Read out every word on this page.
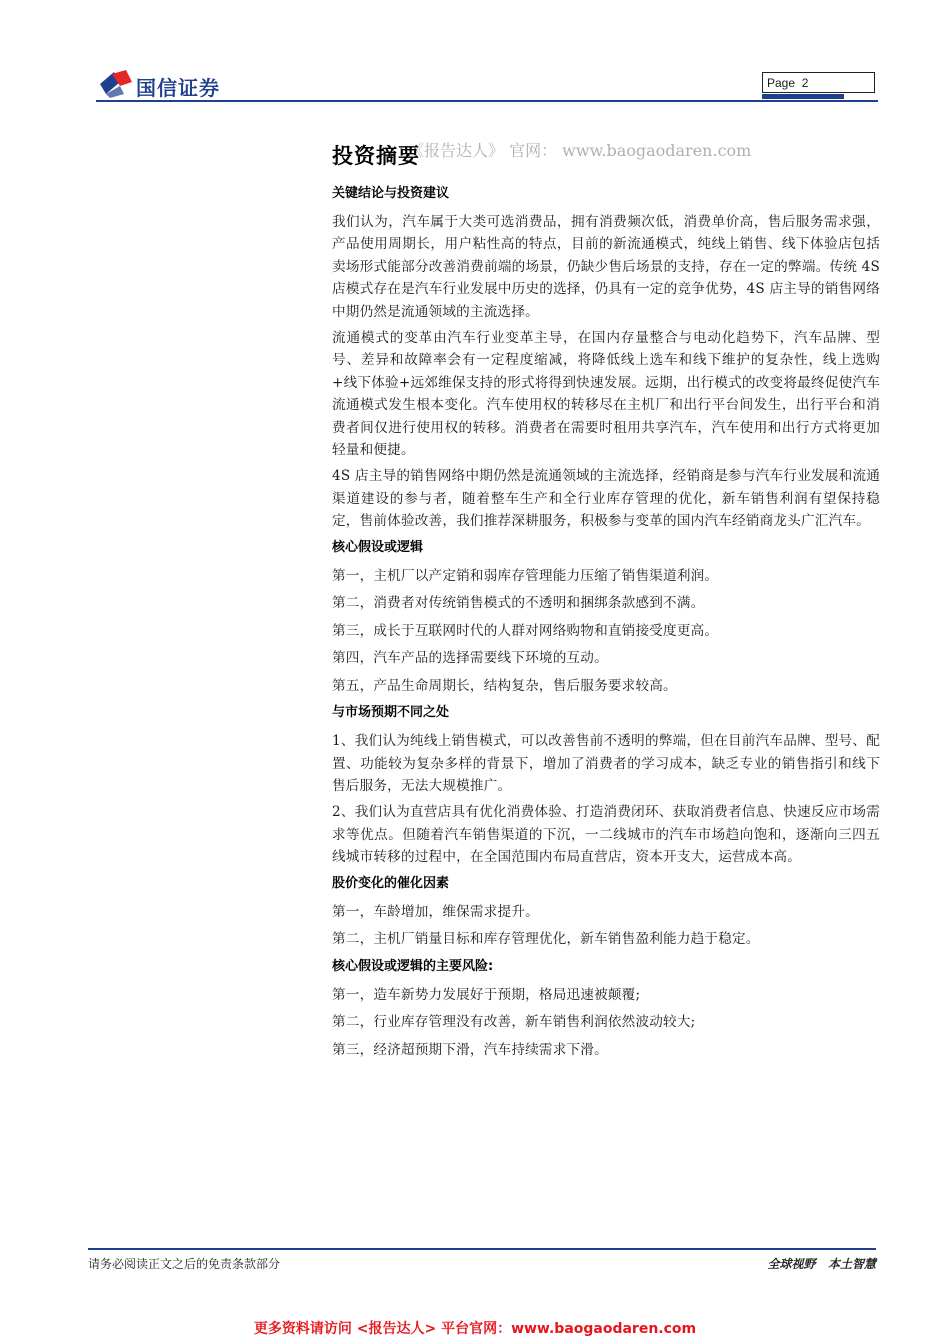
国信证券	Page  2
投资摘要
《报告达人》 官网： www.baogaodaren.com
关键结论与投资建议

我们认为，汽车属于大类可选消费品，拥有消费频次低，消费单价高，售后服务需求强，产品使用周期长，用户粘性高的特点，目前的新流通模式，纯线上销售、线下体验店包括卖场形式能部分改善消费前端的场景，仍缺少售后场景的支持，存在一定的弊端。传统 4S 店模式存在是汽车行业发展中历史的选择，仍具有一定的竞争优势，4S 店主导的销售网络中期仍然是流通领域的主流选择。

流通模式的变革由汽车行业变革主导，在国内存量整合与电动化趋势下，汽车品牌、型号、差异和故障率会有一定程度缩减，将降低线上选车和线下维护的复杂性，线上选购+线下体验+远郊维保支持的形式将得到快速发展。远期，出行模式的改变将最终促使汽车流通模式发生根本变化。汽车使用权的转移尽在主机厂和出行平台间发生，出行平台和消费者间仅进行使用权的转移。消费者在需要时租用共享汽车，汽车使用和出行方式将更加轻量和便捷。

4S 店主导的销售网络中期仍然是流通领域的主流选择，经销商是参与汽车行业发展和流通渠道建设的参与者，随着整车生产和全行业库存管理的优化，新车销售利润有望保持稳定，售前体验改善，我们推荐深耕服务，积极参与变革的国内汽车经销商龙头广汇汽车。

核心假设或逻辑
第一，主机厂以产定销和弱库存管理能力压缩了销售渠道利润。
第二，消费者对传统销售模式的不透明和捆绑条款感到不满。
第三，成长于互联网时代的人群对网络购物和直销接受度更高。
第四，汽车产品的选择需要线下环境的互动。
第五，产品生命周期长，结构复杂，售后服务要求较高。
与市场预期不同之处

1、我们认为纯线上销售模式，可以改善售前不透明的弊端，但在目前汽车品牌、型号、配置、功能较为复杂多样的背景下，增加了消费者的学习成本，缺乏专业的销售指引和线下售后服务，无法大规模推广。

2、我们认为直营店具有优化消费体验、打造消费闭环、获取消费者信息、快速反应市场需求等优点。但随着汽车销售渠道的下沉，一二线城市的汽车市场趋向饱和，逐渐向三四五线城市转移的过程中，在全国范围内布局直营店，资本开支大，运营成本高。

股价变化的催化因素
第一，车龄增加，维保需求提升。
第二，主机厂销量目标和库存管理优化，新车销售盈利能力趋于稳定。
核心假设或逻辑的主要风险:
第一，造车新势力发展好于预期，格局迅速被颠覆;
第二，行业库存管理没有改善，新车销售利润依然波动较大;
第三，经济超预期下滑，汽车持续需求下滑。
请务必阅读正文之后的免责条款部分	全球视野   本土智慧
更多资料请访问 <报告达人> 平台官网：www.baogaodaren.com
